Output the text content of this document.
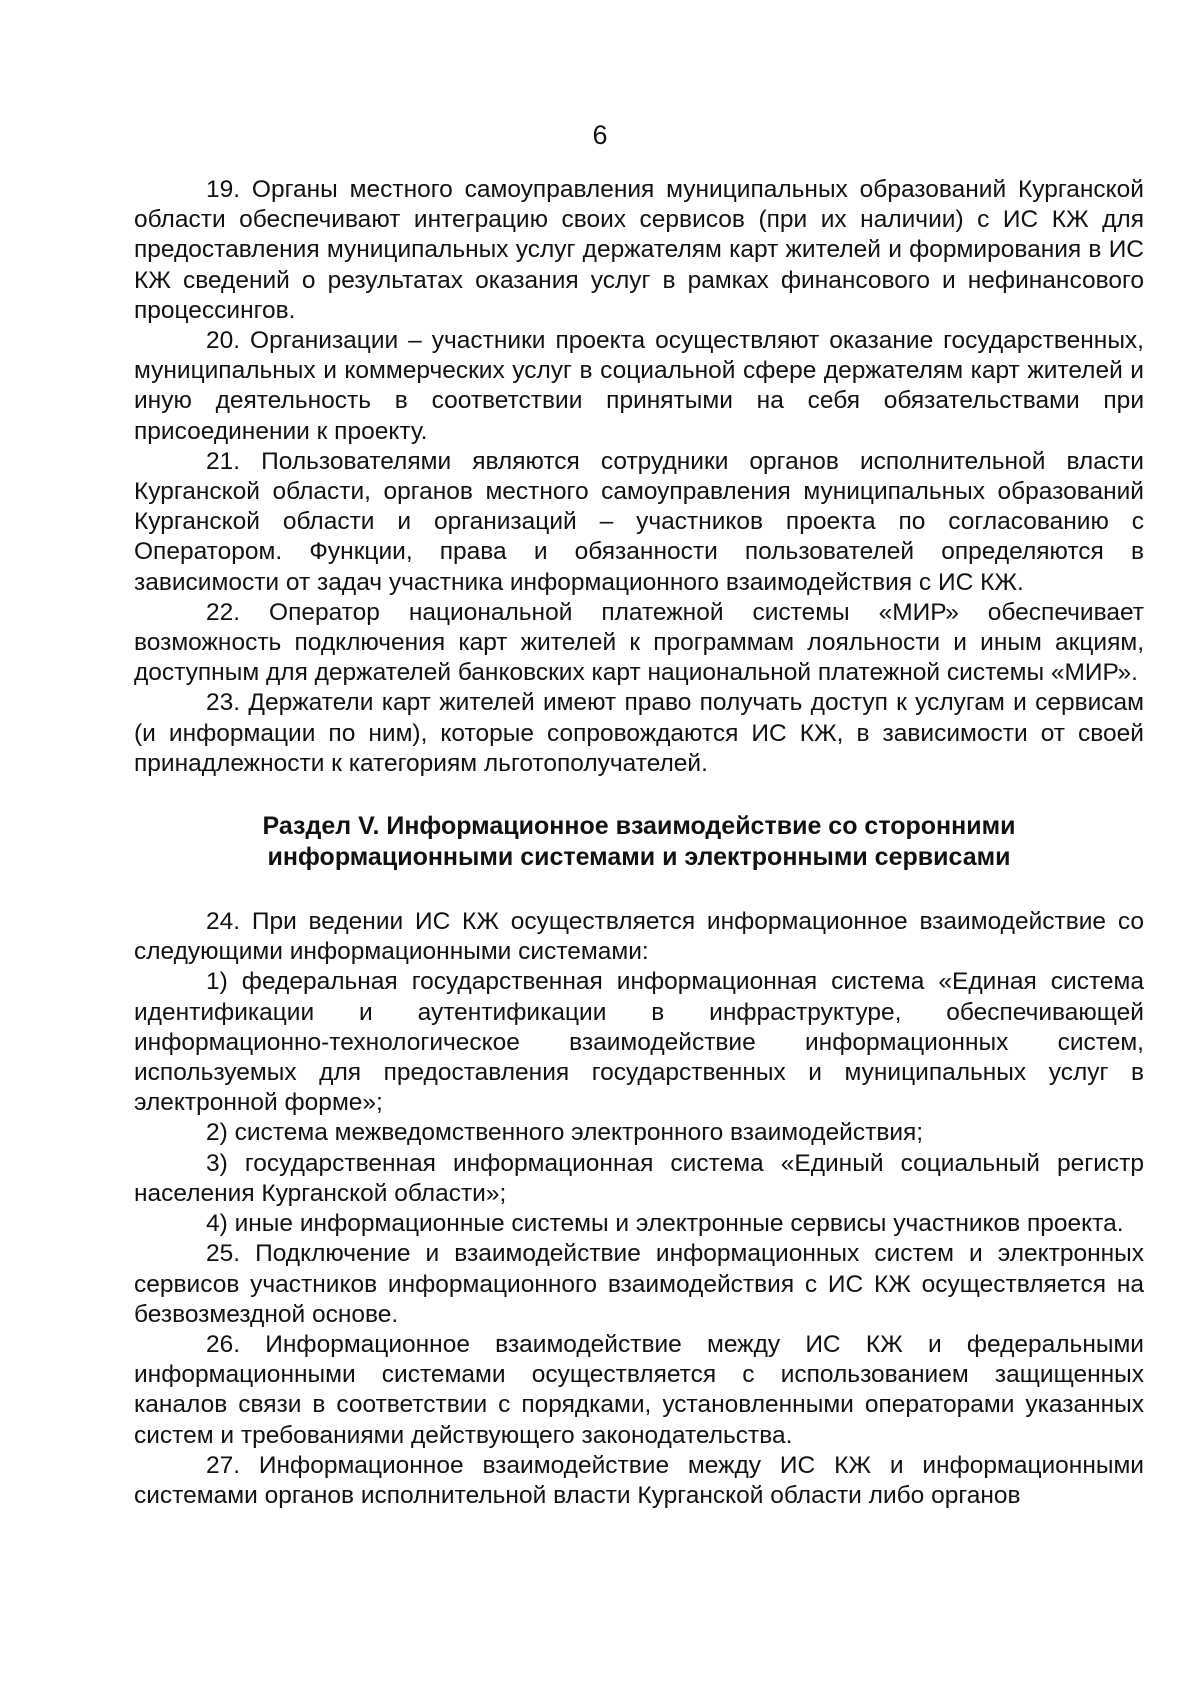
6

19. Органы местного самоуправления муниципальных образований Курганской области обеспечивают интеграцию своих сервисов (при их наличии) с ИС КЖ для предоставления муниципальных услуг держателям карт жителей и формирования в ИС КЖ сведений о результатах оказания услуг в рамках финансового и нефинансового процессингов.

20. Организации – участники проекта осуществляют оказание государственных, муниципальных и коммерческих услуг в социальной сфере держателям карт жителей и иную деятельность в соответствии принятыми на себя обязательствами при присоединении к проекту.

21. Пользователями являются сотрудники органов исполнительной власти Курганской области, органов местного самоуправления муниципальных образований Курганской области и организаций – участников проекта по согласованию с Оператором. Функции, права и обязанности пользователей определяются в зависимости от задач участника информационного взаимодействия с ИС КЖ.

22. Оператор национальной платежной системы «МИР» обеспечивает возможность подключения карт жителей к программам лояльности и иным акциям, доступным для держателей банковских карт национальной платежной системы «МИР».

23. Держатели карт жителей имеют право получать доступ к услугам и сервисам (и информации по ним), которые сопровождаются ИС КЖ, в зависимости от своей принадлежности к категориям льготополучателей.

Раздел V. Информационное взаимодействие со сторонними
информационными системами и электронными сервисами

24. При ведении ИС КЖ осуществляется информационное взаимодействие со следующими информационными системами:

1) федеральная государственная информационная система «Единая система идентификации и аутентификации в инфраструктуре, обеспечивающей информационно-технологическое взаимодействие информационных систем, используемых для предоставления государственных и муниципальных услуг в электронной форме»;

2) система межведомственного электронного взаимодействия;

3) государственная информационная система «Единый социальный регистр населения Курганской области»;

4) иные информационные системы и электронные сервисы участников проекта.

25. Подключение и взаимодействие информационных систем и электронных сервисов участников информационного взаимодействия с ИС КЖ осуществляется на безвозмездной основе.

26. Информационное взаимодействие между ИС КЖ и федеральными информационными системами осуществляется с использованием защищенных каналов связи в соответствии с порядками, установленными операторами указанных систем и требованиями действующего законодательства.

27. Информационное взаимодействие между ИС КЖ и информационными системами органов исполнительной власти Курганской области либо органов
